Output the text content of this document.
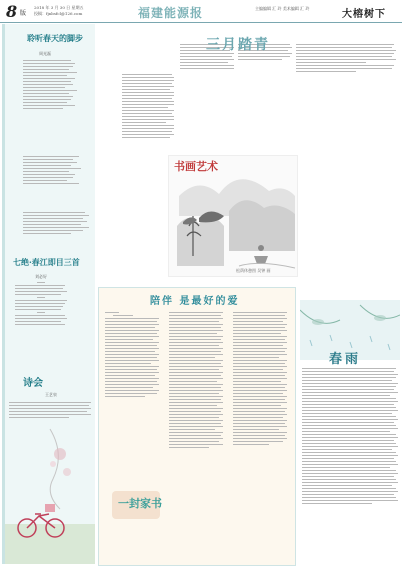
8 版
2018 年 3 月 30 日 星期五
投稿：fjnbsfcl@126.com	福建能源报	主编编辑 汇 玲 美术编辑 汇 玲
大榕树下
聆听春天的脚步
周光磊
七绝·春江即目三首
刘必好
诗会
王艺泉
三月踏青
书画艺术
松荫休憩图 吴钟 画
陪伴 是最好的爱
一封家书
春雨
